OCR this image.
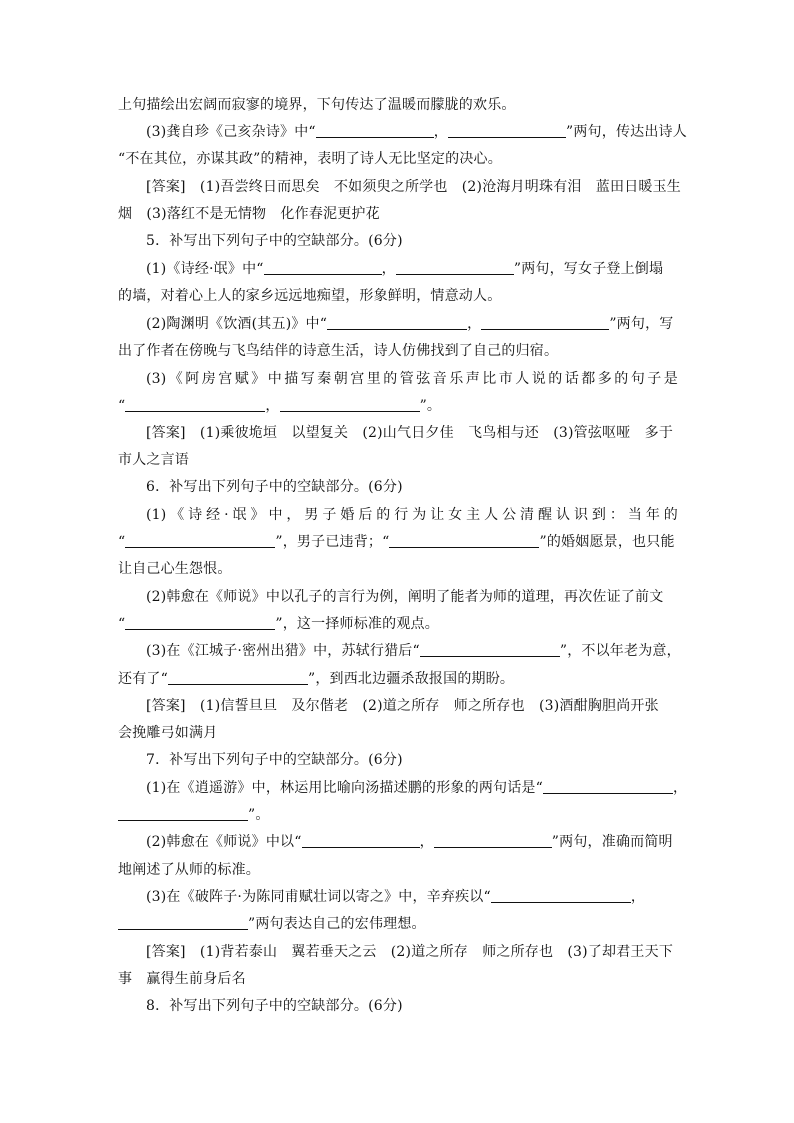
上句描绘出宏阔而寂寥的境界，下句传达了温暖而朦胧的欢乐。
(3)龚自珍《己亥杂诗》中“	，	”两句，传达出诗人
“不在其位，亦谋其政”的精神，表明了诗人无比坚定的决心。
[答案]　(1)吾尝终日而思矣　不如须臾之所学也　(2)沧海月明珠有泪　蓝田日暖玉生
烟　(3)落红不是无情物　化作春泥更护花
5．补写出下列句子中的空缺部分。(6分)
(1)《诗经·氓》中“	，	”两句，写女子登上倒塌
的墙，对着心上人的家乡远远地痴望，形象鲜明，情意动人。
(2)陶渊明《饮酒(其五)》中“	，	”两句，写
出了作者在傍晚与飞鸟结伴的诗意生活，诗人仿佛找到了自己的归宿。
(3)《阿房宫赋》中描写秦朝宫里的管弦音乐声比市人说的话都多的句子是
“	，	”。
[答案]　(1)乘彼垝垣　以望复关　(2)山气日夕佳　飞鸟相与还　(3)管弦呕哑　多于
市人之言语
6．补写出下列句子中的空缺部分。(6分)
(1)《诗经·氓》中，男子婚后的行为让女主人公清醒认识到：当年的
“	”，男子已违背；“	”的婚姻愿景，也只能
让自己心生怨恨。
(2)韩愈在《师说》中以孔子的言行为例，阐明了能者为师的道理，再次佐证了前文
“	”，这一择师标准的观点。
(3)在《江城子·密州出猎》中，苏轼行猎后“	”，不以年老为意，
还有了“	”，到西北边疆杀敌报国的期盼。
[答案]　(1)信誓旦旦　及尔偕老　(2)道之所存　师之所存也　(3)酒酣胸胆尚开张
会挽雕弓如满月
7．补写出下列句子中的空缺部分。(6分)
(1)在《逍遥游》中，林运用比喻向汤描述鹏的形象的两句话是“	，
”。
(2)韩愈在《师说》中以“	，	”两句，准确而简明
地阐述了从师的标准。
(3)在《破阵子·为陈同甫赋壮词以寄之》中，辛弃疾以“	，
”两句表达自己的宏伟理想。
[答案]　(1)背若泰山　翼若垂天之云　(2)道之所存　师之所存也　(3)了却君王天下
事　赢得生前身后名
8．补写出下列句子中的空缺部分。(6分)
